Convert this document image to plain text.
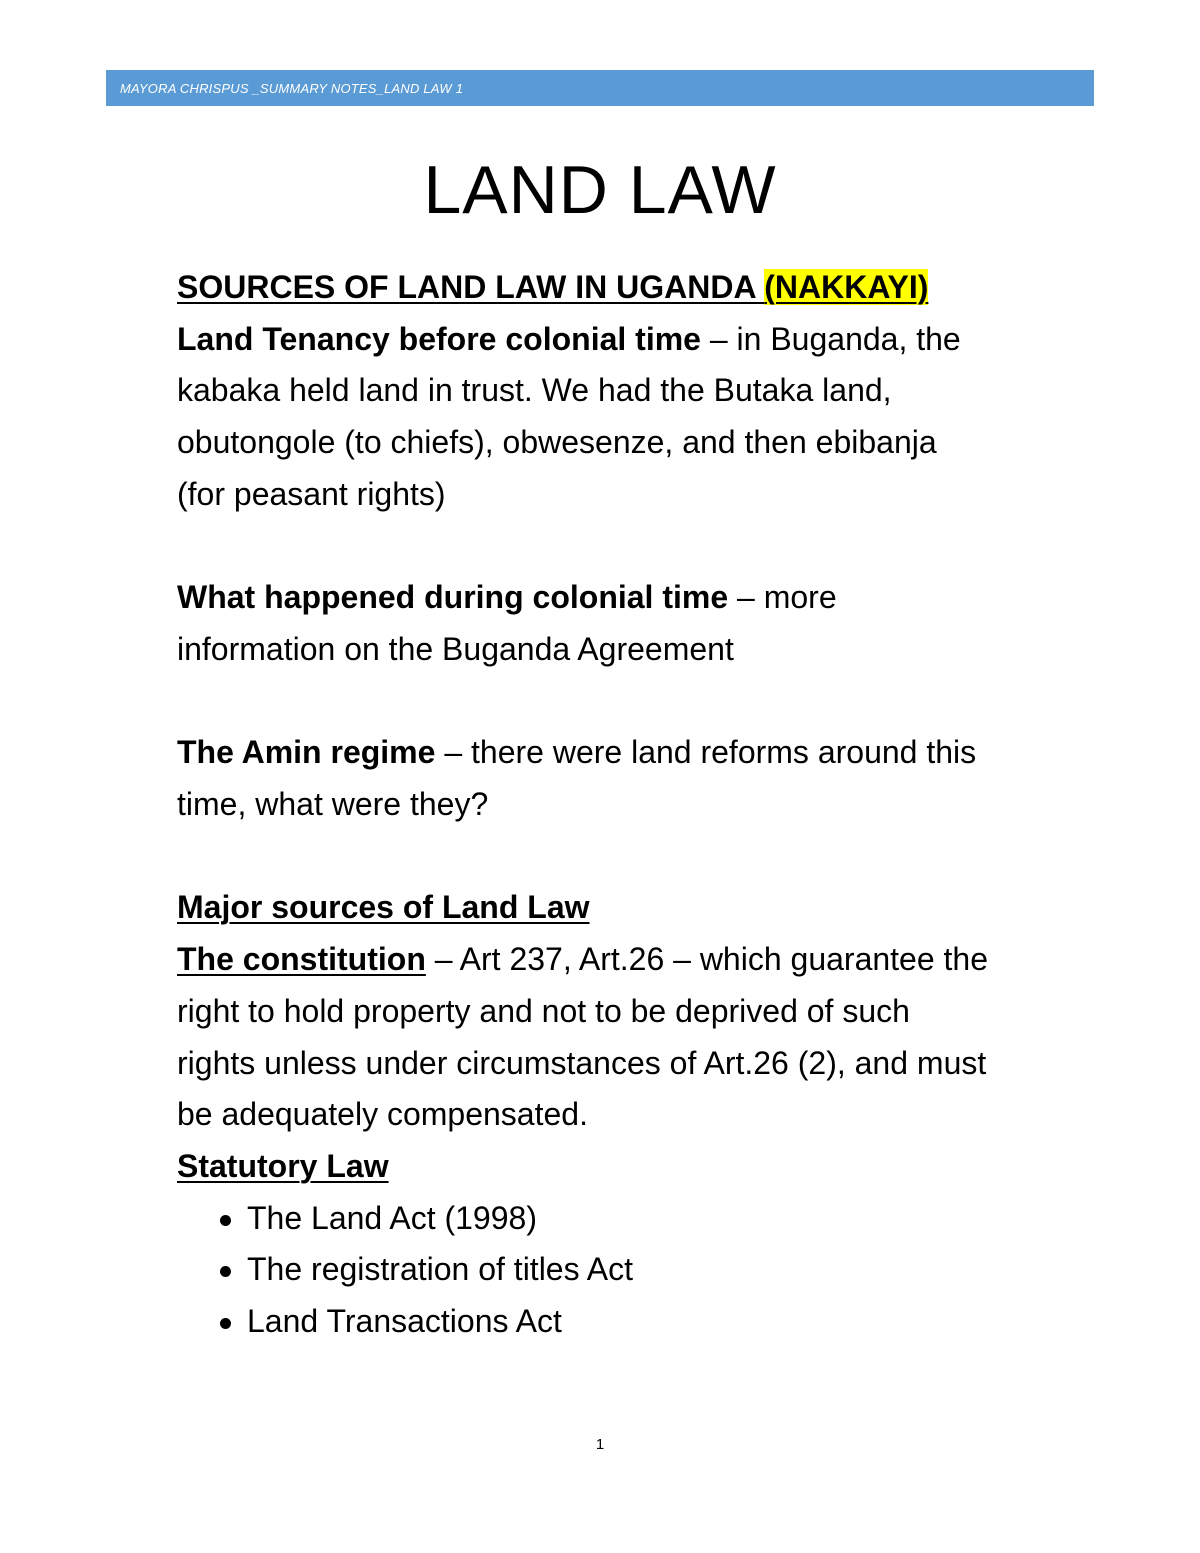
MAYORA CHRISPUS _SUMMARY NOTES_LAND LAW 1
LAND LAW

SOURCES OF LAND LAW IN UGANDA (NAKKAYI)

Land Tenancy before colonial time – in Buganda, the

kabaka held land in trust. We had the Butaka land,

obutongole (to chiefs), obwesenze, and then ebibanja

(for peasant rights)

What happened during colonial time – more

information on the Buganda Agreement

The Amin regime – there were land reforms around this

time, what were they?

Major sources of Land Law

The constitution – Art 237, Art.26 – which guarantee the

right to hold property and not to be deprived of such

rights unless under circumstances of Art.26 (2), and must

be adequately compensated.

Statutory Law

The Land Act (1998)
The registration of titles Act
Land Transactions Act
1
